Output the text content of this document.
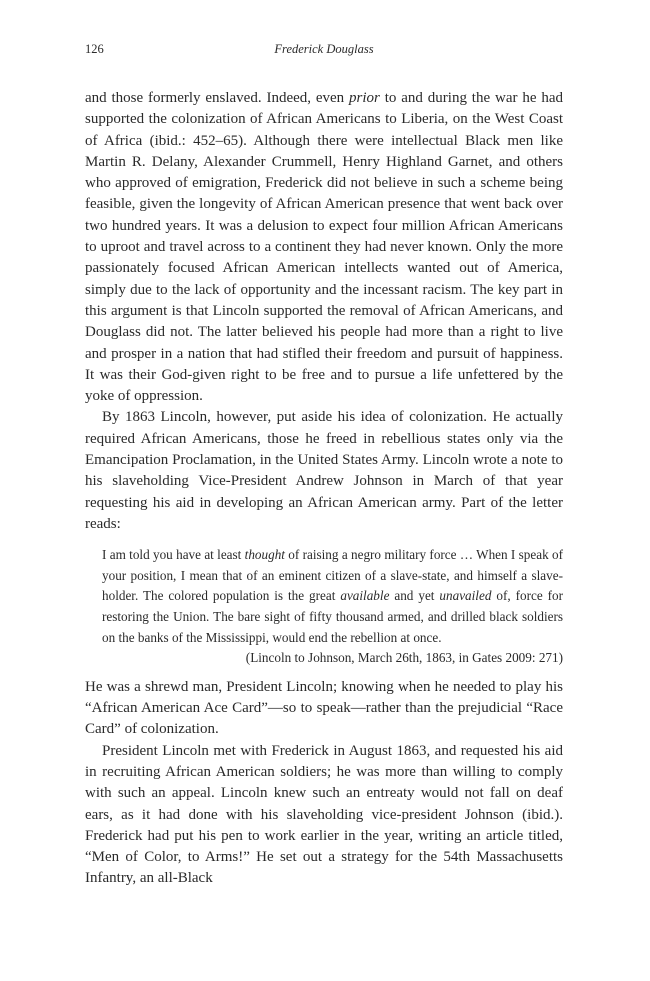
126	Frederick Douglass

and those formerly enslaved. Indeed, even prior to and during the war he had supported the colonization of African Americans to Liberia, on the West Coast of Africa (ibid.: 452–65). Although there were intellectual Black men like Martin R. Delany, Alexander Crummell, Henry Highland Garnet, and others who approved of emigration, Frederick did not believe in such a scheme being feasible, given the longevity of African American presence that went back over two hundred years. It was a delusion to expect four million African Americans to uproot and travel across to a continent they had never known. Only the more passionately focused African American intellects wanted out of America, simply due to the lack of opportunity and the incessant racism. The key part in this argument is that Lincoln supported the removal of African Americans, and Douglass did not. The latter believed his people had more than a right to live and prosper in a nation that had stifled their freedom and pursuit of happiness. It was their God-given right to be free and to pursue a life unfettered by the yoke of oppression.

By 1863 Lincoln, however, put aside his idea of colonization. He actually required African Americans, those he freed in rebellious states only via the Emancipation Proclamation, in the United States Army. Lincoln wrote a note to his slaveholding Vice-President Andrew Johnson in March of that year requesting his aid in developing an African American army. Part of the letter reads:

I am told you have at least thought of raising a negro military force … When I speak of your position, I mean that of an eminent citizen of a slave-state, and himself a slave-holder. The colored population is the great available and yet unavailed of, force for restoring the Union. The bare sight of fifty thousand armed, and drilled black soldiers on the banks of the Mississippi, would end the rebellion at once.

(Lincoln to Johnson, March 26th, 1863, in Gates 2009: 271)

He was a shrewd man, President Lincoln; knowing when he needed to play his “African American Ace Card”—so to speak—rather than the prejudicial “Race Card” of colonization.

President Lincoln met with Frederick in August 1863, and requested his aid in recruiting African American soldiers; he was more than willing to comply with such an appeal. Lincoln knew such an entreaty would not fall on deaf ears, as it had done with his slaveholding vice-president Johnson (ibid.). Frederick had put his pen to work earlier in the year, writing an article titled, “Men of Color, to Arms!” He set out a strategy for the 54th Massachusetts Infantry, an all-Black
